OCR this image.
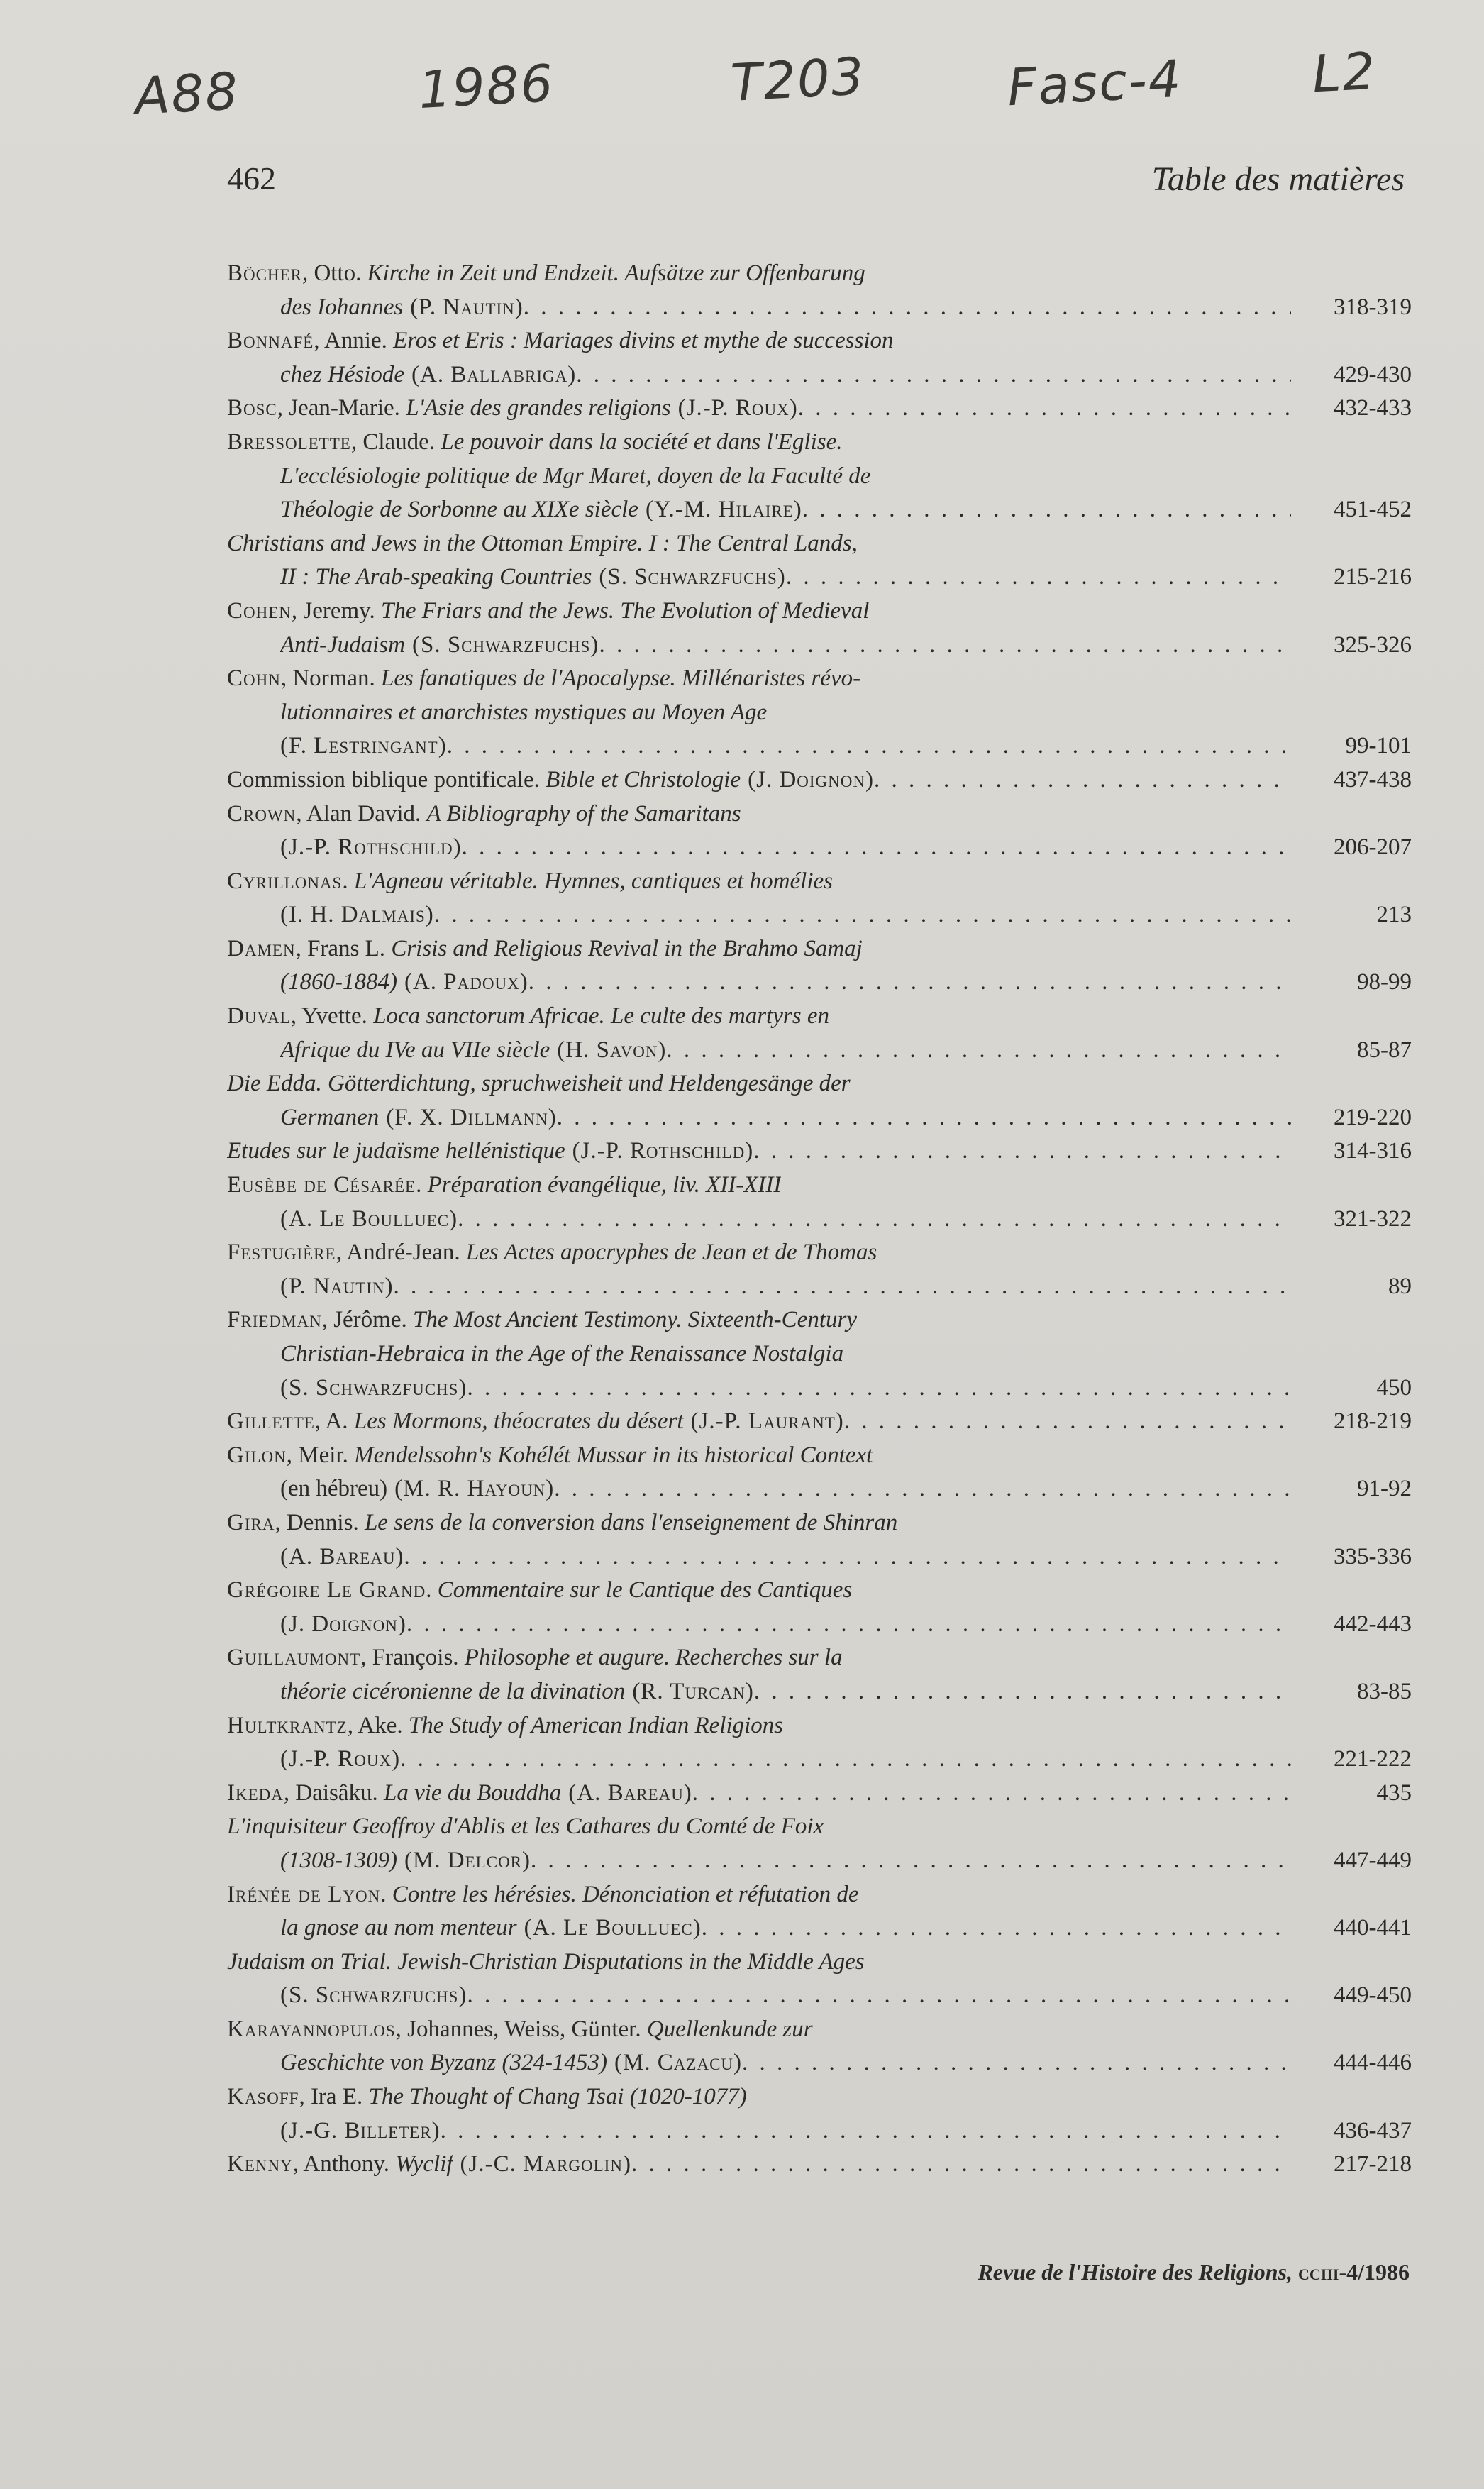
A88	1986	T203	Fasc-4 L2
462	Table des matières
Böcher, Otto. Kirche in Zeit und Endzeit. Aufsätze zur Offenbarung
des Iohannes (P. Nautin) . . .	318-319
Bonnafé, Annie. Eros et Eris : Mariages divins et mythe de succession
chez Hésiode (A. Ballabriga) . . .	429-430
Bosc, Jean-Marie. L'Asie des grandes religions (J.-P. Roux) . . .	432-433
Bressolette, Claude. Le pouvoir dans la société et dans l'Eglise.
L'ecclésiologie politique de Mgr Maret, doyen de la Faculté de
Théologie de Sorbonne au XIXe siècle (Y.-M. Hilaire) . . .	451-452
Christians and Jews in the Ottoman Empire. I : The Central Lands,
II : The Arab-speaking Countries (S. Schwarzfuchs) . . .	215-216
Cohen, Jeremy. The Friars and the Jews. The Evolution of Medieval
Anti-Judaism (S. Schwarzfuchs) . . .	325-326
Cohn, Norman. Les fanatiques de l'Apocalypse. Millénaristes révo-
lutionnaires et anarchistes mystiques au Moyen Age
(F. Lestringant) . . .	99-101
Commission biblique pontificale. Bible et Christologie (J. Doignon) . . .	437-438
Crown, Alan David. A Bibliography of the Samaritans
(J.-P. Rothschild) . . .	206-207
Cyrillonas. L'Agneau véritable. Hymnes, cantiques et homélies
(I. H. Dalmais) . . .	213
Damen, Frans L. Crisis and Religious Revival in the Brahmo Samaj
(1860-1884) (A. Padoux) . . .	98-99
Duval, Yvette. Loca sanctorum Africae. Le culte des martyrs en
Afrique du IVe au VIIe siècle (H. Savon) . . .	85-87
Die Edda. Götterdichtung, spruchweisheit und Heldengesänge der
Germanen (F. X. Dillmann) . . .	219-220
Etudes sur le judaïsme hellénistique (J.-P. Rothschild) . . .	314-316
Eusèbe de Césarée. Préparation évangélique, liv. XII-XIII
(A. Le Boulluec) . . .	321-322
Festugière, André-Jean. Les Actes apocryphes de Jean et de Thomas
(P. Nautin) . . .	89
Friedman, Jérôme. The Most Ancient Testimony. Sixteenth-Century
Christian-Hebraica in the Age of the Renaissance Nostalgia
(S. Schwarzfuchs) . . .	450
Gillette, A. Les Mormons, théocrates du désert (J.-P. Laurant) . . .	218-219
Gilon, Meir. Mendelssohn's Kohélét Mussar in its historical Context
(en hébreu) (M. R. Hayoun) . . .	91-92
Gira, Dennis. Le sens de la conversion dans l'enseignement de Shinran
(A. Bareau) . . .	335-336
Grégoire Le Grand. Commentaire sur le Cantique des Cantiques
(J. Doignon) . . .	442-443
Guillaumont, François. Philosophe et augure. Recherches sur la
théorie cicéronienne de la divination (R. Turcan) . . .	83-85
Hultkrantz, Ake. The Study of American Indian Religions
(J.-P. Roux) . . .	221-222
Ikeda, Daisâku. La vie du Bouddha (A. Bareau) . . .	435
L'inquisiteur Geoffroy d'Ablis et les Cathares du Comté de Foix
(1308-1309) (M. Delcor) . . .	447-449
Irénée de Lyon. Contre les hérésies. Dénonciation et réfutation de
la gnose au nom menteur (A. Le Boulluec) . . .	440-441
Judaism on Trial. Jewish-Christian Disputations in the Middle Ages
(S. Schwarzfuchs) . . .	449-450
Karayannopulos, Johannes, Weiss, Günter. Quellenkunde zur
Geschichte von Byzanz (324-1453) (M. Cazacu) . . .	444-446
Kasoff, Ira E. The Thought of Chang Tsai (1020-1077)
(J.-G. Billeter) . . .	436-437
Kenny, Anthony. Wyclif (J.-C. Margolin) . . .	217-218
Revue de l'Histoire des Religions, cciii-4/1986
